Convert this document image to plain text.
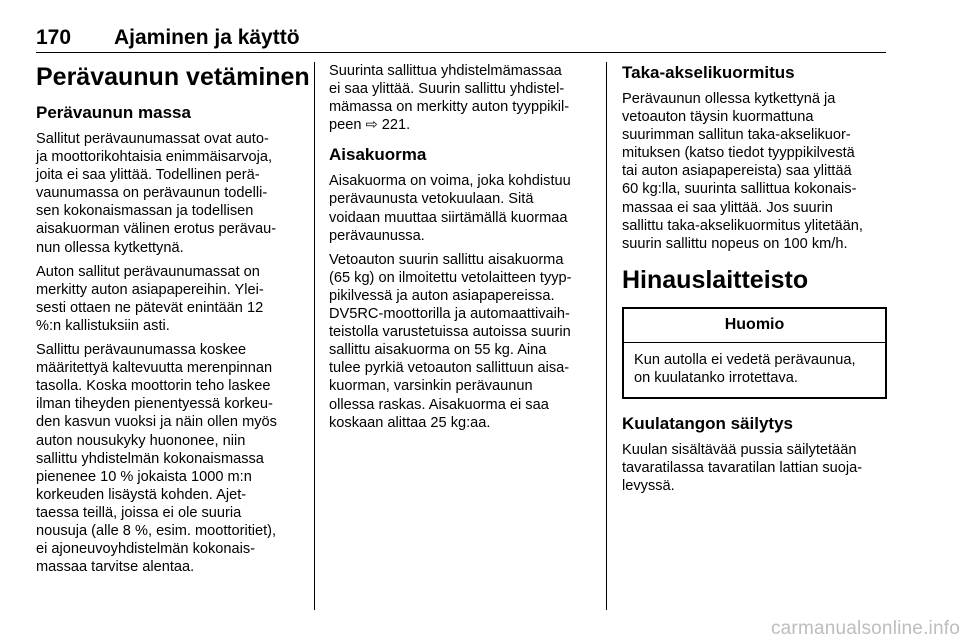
170 Ajaminen ja käyttö
Perävaunun vetäminen
Perävaunun massa
Sallitut perävaunumassat ovat auto-
ja moottorikohtaisia enimmäisarvoja,
joita ei saa ylittää. Todellinen perä-
vaunumassa on perävaunun todelli-
sen kokonaismassan ja todellisen
aisakuorman välinen erotus perävau-
nun ollessa kytkettynä.
Auton sallitut perävaunumassat on
merkitty auton asiapapereihin. Ylei-
sesti ottaen ne pätevät enintään 12
%:n kallistuksiin asti.
Sallittu perävaunumassa koskee
määritettyä kaltevuutta merenpinnan
tasolla. Koska moottorin teho laskee
ilman tiheyden pienentyessä korkeu-
den kasvun vuoksi ja näin ollen myös
auton nousukyky huononee, niin
sallittu yhdistelmän kokonaismassa
pienenee 10 % jokaista 1000 m:n
korkeuden lisäystä kohden. Ajet-
taessa teillä, joissa ei ole suuria
nousuja (alle 8 %, esim. moottoritiet),
ei ajoneuvoyhdistelmän kokonais-
massaa tarvitse alentaa.
Suurinta sallittua yhdistelmämassaa
ei saa ylittää. Suurin sallittu yhdistel-
mämassa on merkitty auton tyyppikil-
peen ⇨ 221.
Aisakuorma
Aisakuorma on voima, joka kohdistuu
perävaunusta vetokuulaan. Sitä
voidaan muuttaa siirtämällä kuormaa
perävaunussa.
Vetoauton suurin sallittu aisakuorma
(65 kg) on ilmoitettu vetolaitteen tyyp-
pikilvessä ja auton asiapapereissa.
DV5RC-moottorilla ja automaattivaih-
teistolla varustetuissa autoissa suurin
sallittu aisakuorma on 55 kg. Aina
tulee pyrkiä vetoauton sallittuun aisa-
kuorman, varsinkin perävaunun
ollessa raskas. Aisakuorma ei saa
koskaan alittaa 25 kg:aa.
Taka-akselikuormitus
Perävaunun ollessa kytkettynä ja
vetoauton täysin kuormattuna
suurimman sallitun taka-akselikuor-
mituksen (katso tiedot tyyppikilvestä
tai auton asiapapereista) saa ylittää
60 kg:lla, suurinta sallittua kokonais-
massaa ei saa ylittää. Jos suurin
sallittu taka-akselikuormitus ylitetään,
suurin sallittu nopeus on 100 km/h.
Hinauslaitteisto
Huomio
Kun autolla ei vedetä perävaunua,
on kuulatanko irrotettava.
Kuulatangon säilytys
Kuulan sisältävää pussia säilytetään
tavaratilassa tavaratilan lattian suoja-
levyssä.
carmanualsonline.info
